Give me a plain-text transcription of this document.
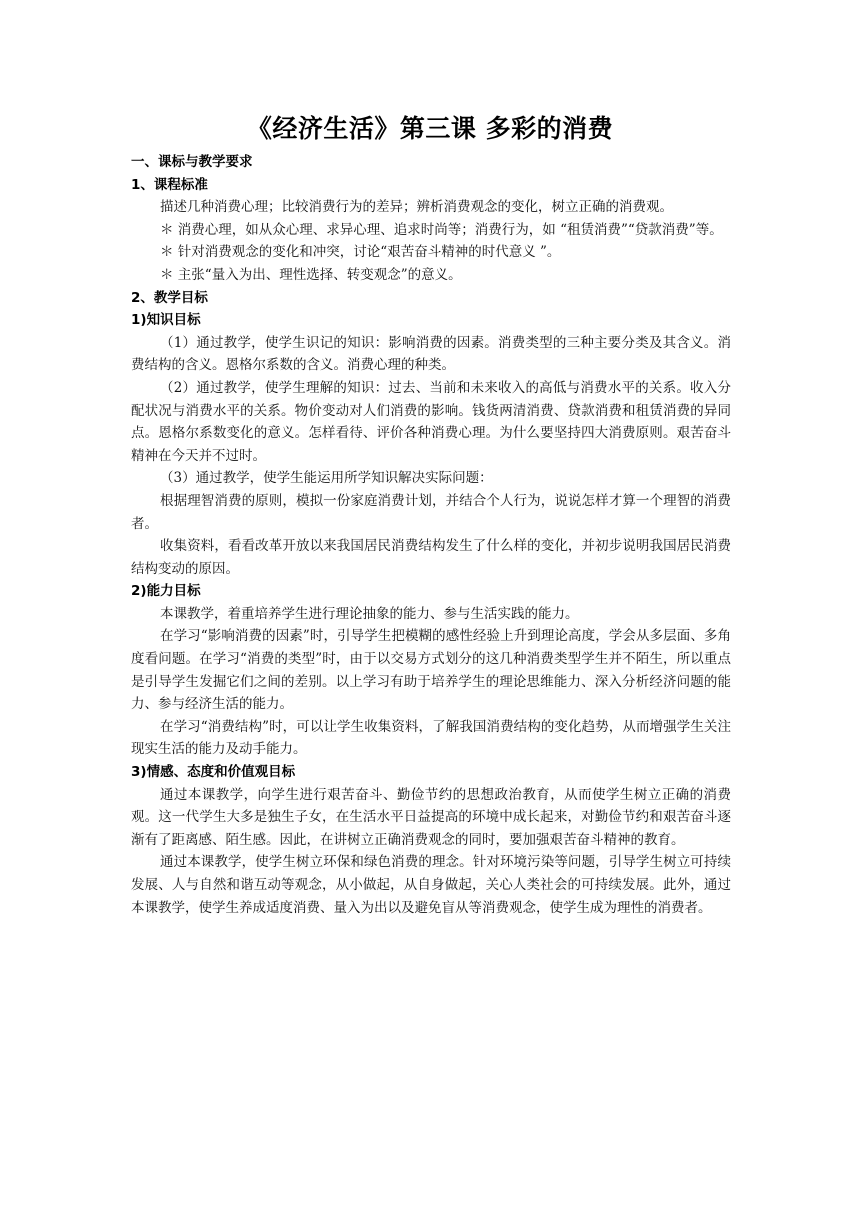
《经济生活》第三课 多彩的消费
一、课标与教学要求
1、课程标准

描述几种消费心理；比较消费行为的差异；辨析消费观念的变化，树立正确的消费观。

＊ 消费心理，如从众心理、求异心理、追求时尚等；消费行为，如 “租赁消费”“贷款消费”等。

＊ 针对消费观念的变化和冲突，讨论“艰苦奋斗精神的时代意义 ”。

＊ 主张“量入为出、理性选择、转变观念”的意义。

2、教学目标
1)知识目标

（1）通过教学，使学生识记的知识：影响消费的因素。消费类型的三种主要分类及其含义。消费结构的含义。恩格尔系数的含义。消费心理的种类。

（2）通过教学，使学生理解的知识：过去、当前和未来收入的高低与消费水平的关系。收入分配状况与消费水平的关系。物价变动对人们消费的影响。钱货两清消费、贷款消费和租赁消费的异同点。恩格尔系数变化的意义。怎样看待、评价各种消费心理。为什么要坚持四大消费原则。艰苦奋斗精神在今天并不过时。

（3）通过教学，使学生能运用所学知识解决实际问题：

根据理智消费的原则，模拟一份家庭消费计划，并结合个人行为，说说怎样才算一个理智的消费者。

收集资料，看看改革开放以来我国居民消费结构发生了什么样的变化，并初步说明我国居民消费结构变动的原因。

2)能力目标

本课教学，着重培养学生进行理论抽象的能力、参与生活实践的能力。

在学习“影响消费的因素”时，引导学生把模糊的感性经验上升到理论高度，学会从多层面、多角度看问题。在学习“消费的类型”时，由于以交易方式划分的这几种消费类型学生并不陌生，所以重点是引导学生发掘它们之间的差别。以上学习有助于培养学生的理论思维能力、深入分析经济问题的能力、参与经济生活的能力。

在学习“消费结构”时，可以让学生收集资料，了解我国消费结构的变化趋势，从而增强学生关注现实生活的能力及动手能力。

3)情感、态度和价值观目标

通过本课教学，向学生进行艰苦奋斗、勤俭节约的思想政治教育，从而使学生树立正确的消费观。这一代学生大多是独生子女，在生活水平日益提高的环境中成长起来，对勤俭节约和艰苦奋斗逐渐有了距离感、陌生感。因此，在讲树立正确消费观念的同时，要加强艰苦奋斗精神的教育。

通过本课教学，使学生树立环保和绿色消费的理念。针对环境污染等问题，引导学生树立可持续发展、人与自然和谐互动等观念，从小做起，从自身做起，关心人类社会的可持续发展。此外，通过本课教学，使学生养成适度消费、量入为出以及避免盲从等消费观念，使学生成为理性的消费者。
